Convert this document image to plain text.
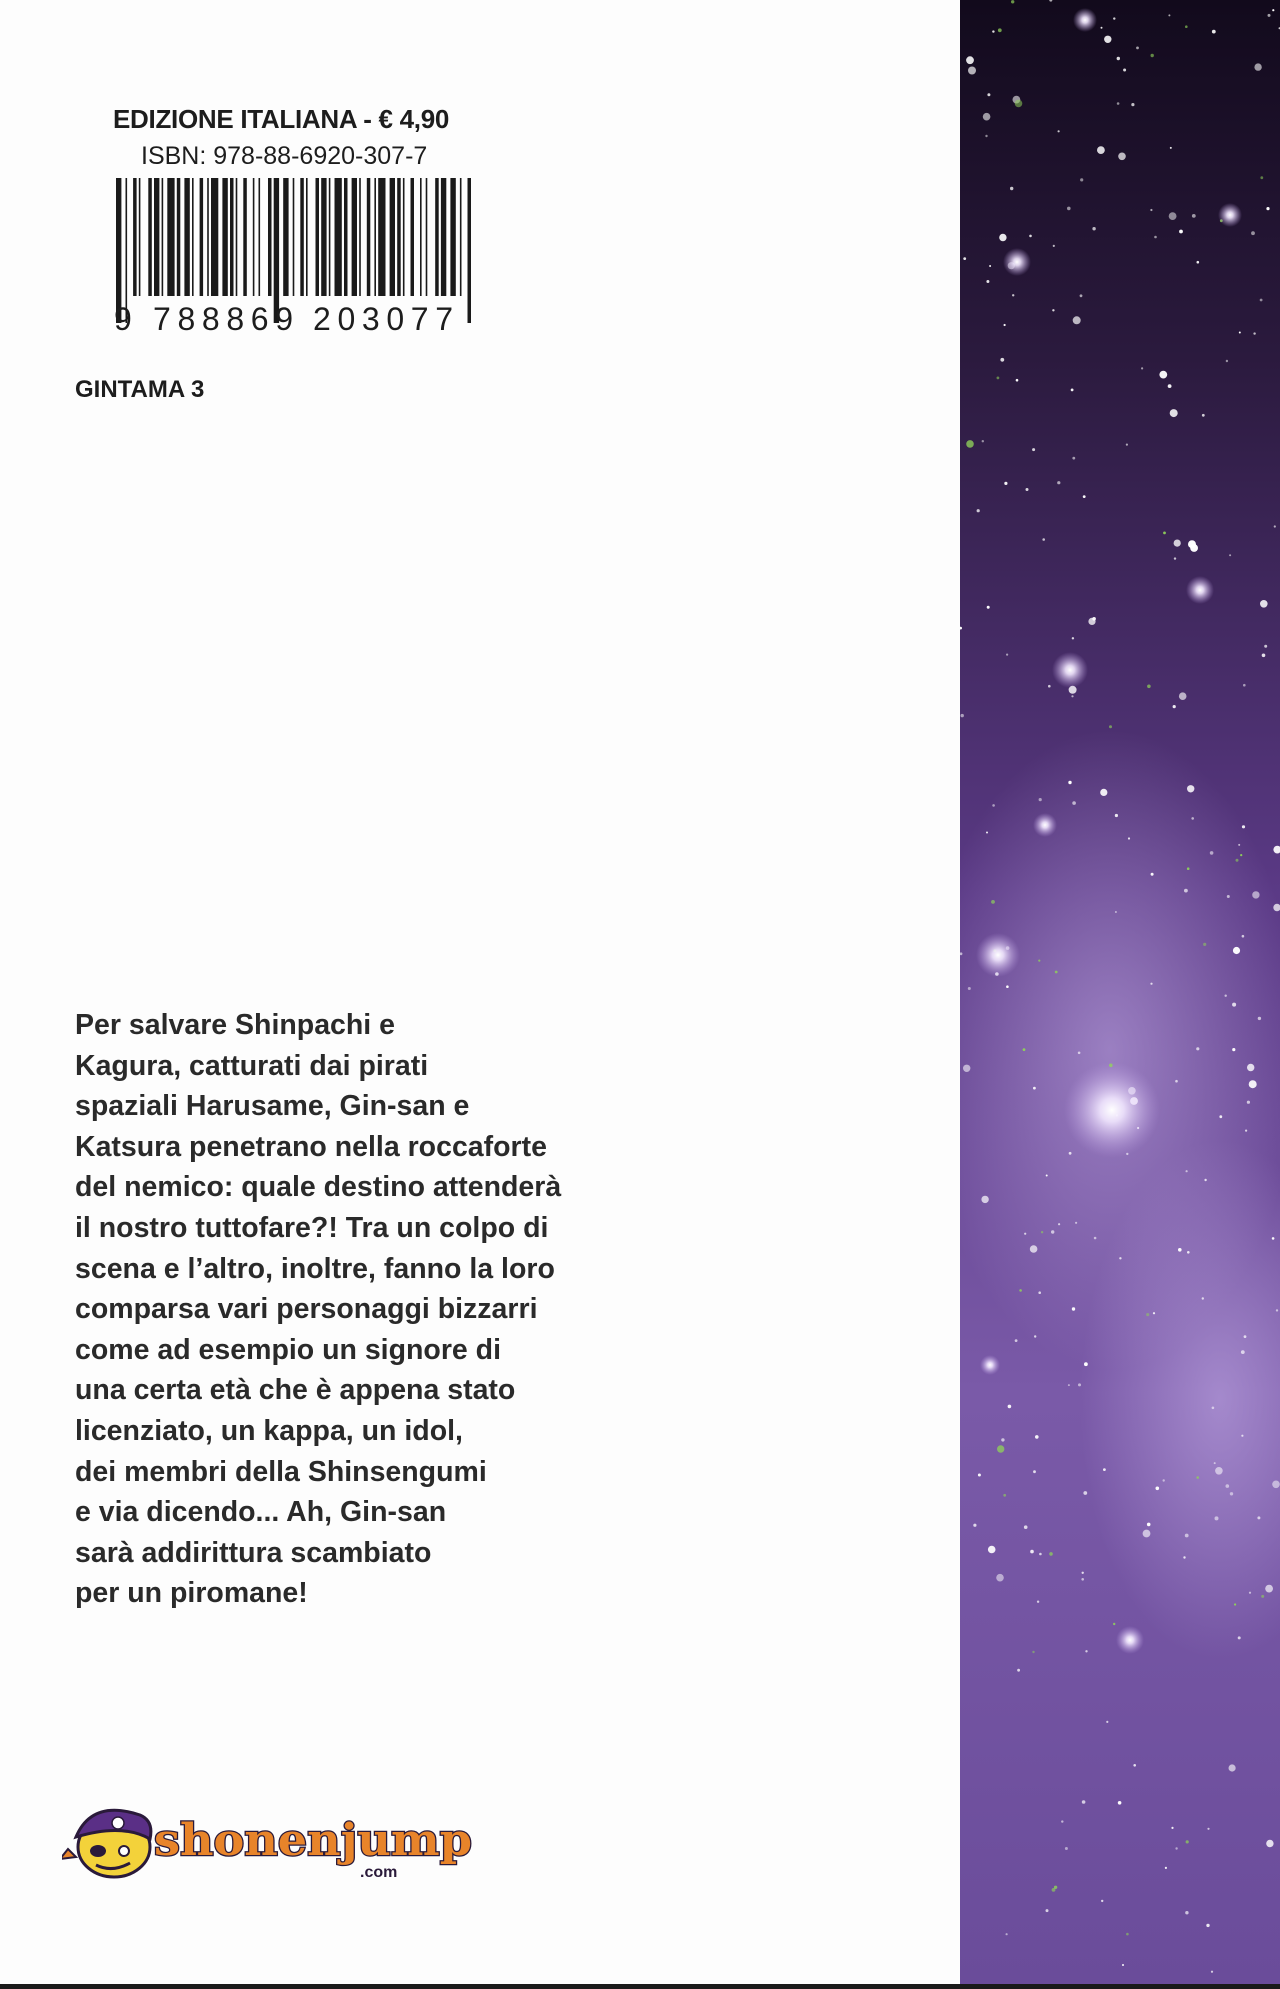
EDIZIONE ITALIANA - € 4,90
ISBN: 978-88-6920-307-7
9 788869 203077
GINTAMA 3
Per salvare Shinpachi e
Kagura, catturati dai pirati
spaziali Harusame, Gin-san e
Katsura penetrano nella roccaforte
del nemico: quale destino attenderà
il nostro tuttofare?! Tra un colpo di
scena e l’altro, inoltre, fanno la loro
comparsa vari personaggi bizzarri
come ad esempio un signore di
una certa età che è appena stato
licenziato, un kappa, un idol,
dei membri della Shinsengumi
e via dicendo... Ah, Gin-san
sarà addirittura scambiato
per un piromane!
shonenjump
.com
